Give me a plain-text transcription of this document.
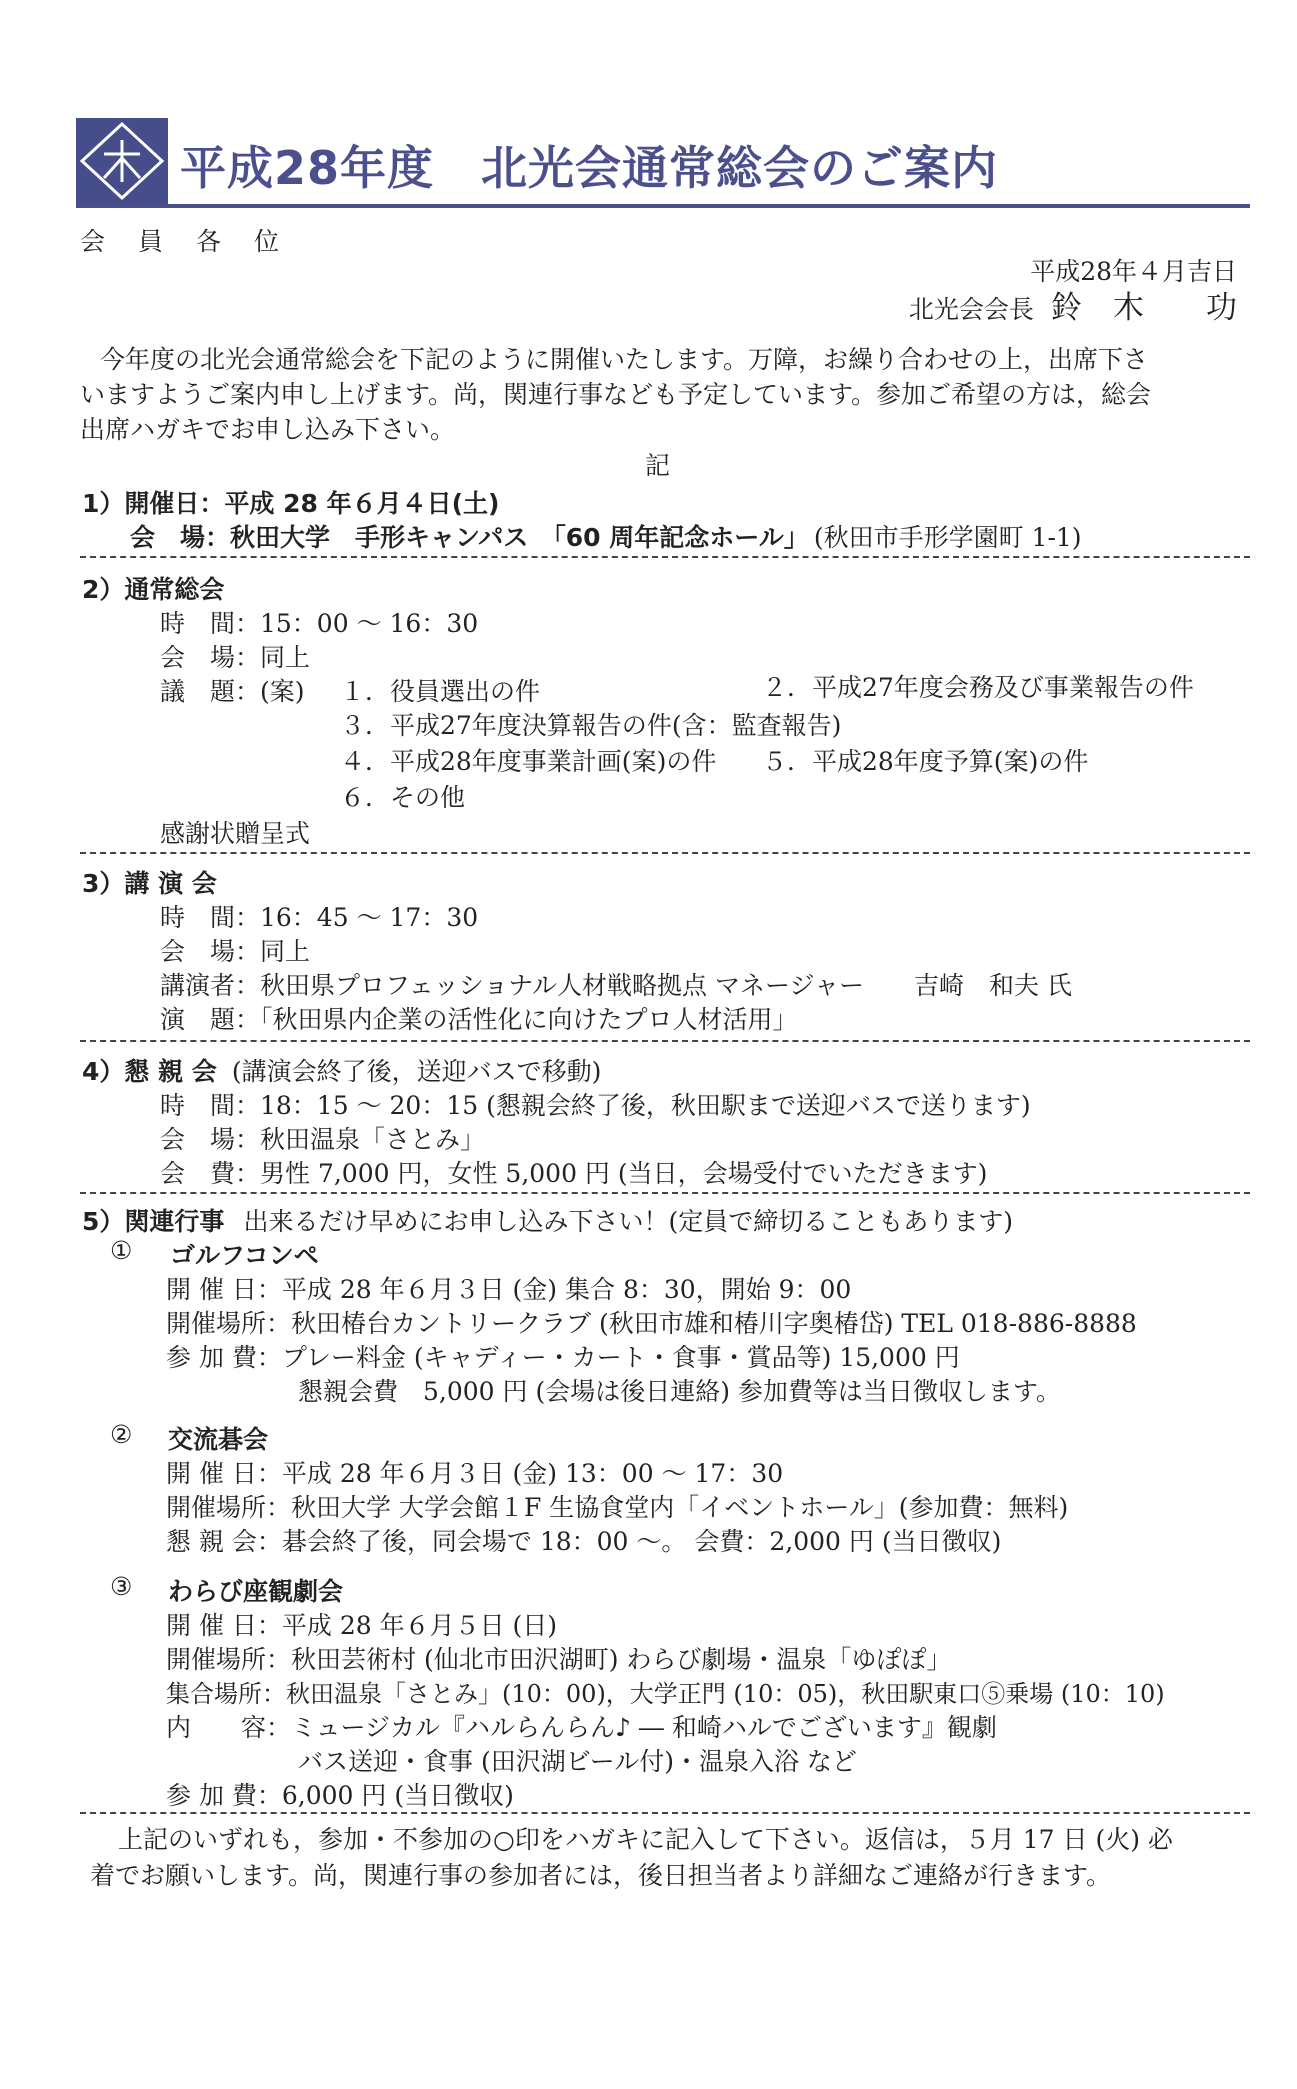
平成28年度　北光会通常総会のご案内
会　員　各　位
平成28年４月吉日
北光会会長 鈴　木　　功
今年度の北光会通常総会を下記のように開催いたします。万障，お繰り合わせの上，出席下さ
いますようご案内申し上げます。尚，関連行事なども予定しています。参加ご希望の方は，総会
出席ハガキでお申し込み下さい。
記
1）開催日：平成 28 年６月４日(土)
会　場：秋田大学　手形キャンパス　「60 周年記念ホール」 (秋田市手形学園町 1-1)
2）通常総会
時　間：15：00 ～ 16：30
会　場：同上
議　題：(案) １．役員選出の件	２．平成27年度会務及び事業報告の件
３．平成27年度決算報告の件(含：監査報告)
４．平成28年度事業計画(案)の件 ５．平成28年度予算(案)の件
６．その他
感謝状贈呈式
3）講 演 会
時　間：16：45 ～ 17：30
会　場：同上
講演者：秋田県プロフェッショナル人材戦略拠点 マネージャー　　吉崎　和夫 氏
演　題：「秋田県内企業の活性化に向けたプロ人材活用」
4）懇 親 会 (講演会終了後，送迎バスで移動)
時　間：18：15 ～ 20：15 (懇親会終了後，秋田駅まで送迎バスで送ります)
会　場：秋田温泉「さとみ」
会　費：男性 7,000 円，女性 5,000 円 (当日，会場受付でいただきます)
5）関連行事 出来るだけ早めにお申し込み下さい！(定員で締切ることもあります)
① ゴルフコンペ
開 催 日：平成 28 年６月３日 (金) 集合 8：30，開始 9：00
開催場所：秋田椿台カントリークラブ (秋田市雄和椿川字奥椿岱) TEL 018-886-8888
参 加 費：プレー料金 (キャディー・カート・食事・賞品等) 15,000 円
懇親会費　5,000 円 (会場は後日連絡) 参加費等は当日徴収します。
② 交流碁会
開 催 日：平成 28 年６月３日 (金) 13：00 ～ 17：30
開催場所：秋田大学 大学会館１F 生協食堂内「イベントホール」(参加費：無料)
懇 親 会：碁会終了後，同会場で 18：00 ～。 会費：2,000 円 (当日徴収)
③ わらび座観劇会
開 催 日：平成 28 年６月５日 (日)
開催場所：秋田芸術村 (仙北市田沢湖町) わらび劇場・温泉「ゆぽぽ」
集合場所：秋田温泉「さとみ」(10：00)，大学正門 (10：05)，秋田駅東口⑤乗場 (10：10)
内　　容：ミュージカル『ハルらんらん♪ ― 和崎ハルでございます』観劇
バス送迎・食事 (田沢湖ビール付)・温泉入浴 など
参 加 費：6,000 円 (当日徴収)
上記のいずれも，参加・不参加の○印をハガキに記入して下さい。返信は，５月 17 日 (火) 必
着でお願いします。尚，関連行事の参加者には，後日担当者より詳細なご連絡が行きます。
